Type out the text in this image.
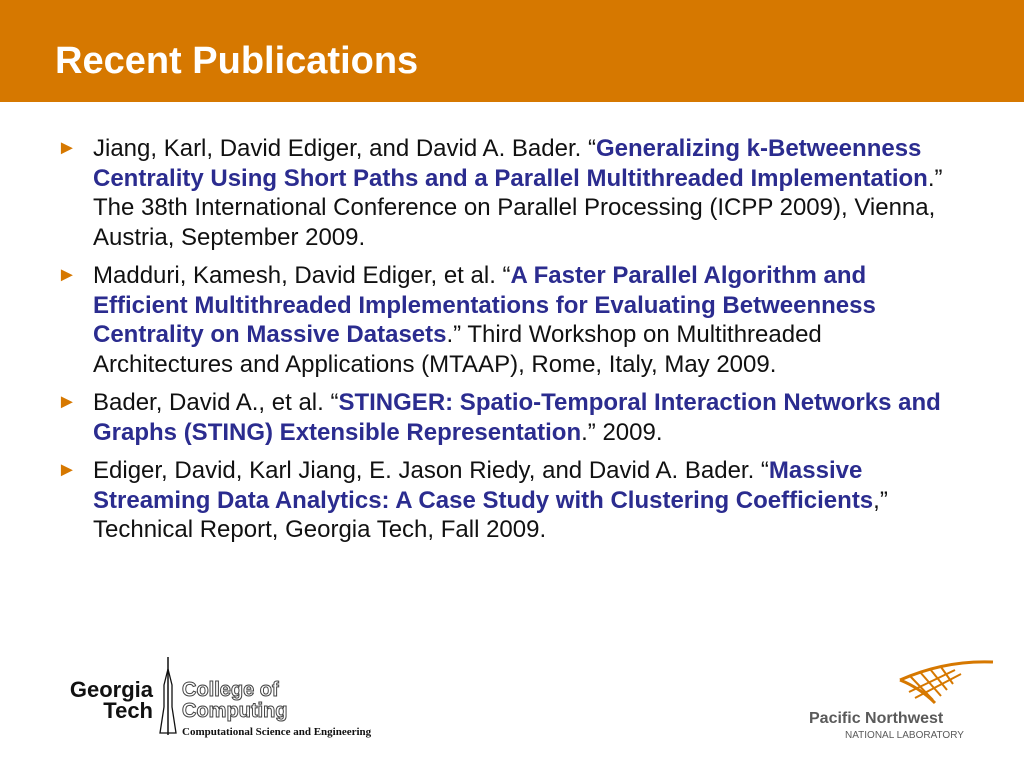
Recent Publications
► Jiang, Karl, David Ediger, and David A. Bader. “Generalizing k-Betweenness Centrality Using Short Paths and a Parallel Multithreaded Implementation.” The 38th International Conference on Parallel Processing (ICPP 2009), Vienna, Austria, September 2009.
► Madduri, Kamesh, David Ediger, et al. “A Faster Parallel Algorithm and Efficient Multithreaded Implementations for Evaluating Betweenness Centrality on Massive Datasets.” Third Workshop on Multithreaded Architectures and Applications (MTAAP), Rome, Italy, May 2009.
► Bader, David A., et al. “STINGER: Spatio-Temporal Interaction Networks and Graphs (STING) Extensible Representation.” 2009.
► Ediger, David, Karl Jiang, E. Jason Riedy, and David A. Bader. “Massive Streaming Data Analytics: A Case Study with Clustering Coefficients,” Technical Report, Georgia Tech, Fall 2009.
Georgia
Tech
College of
Computing
Computational Science and Engineering
Pacific Northwest
NATIONAL LABORATORY
